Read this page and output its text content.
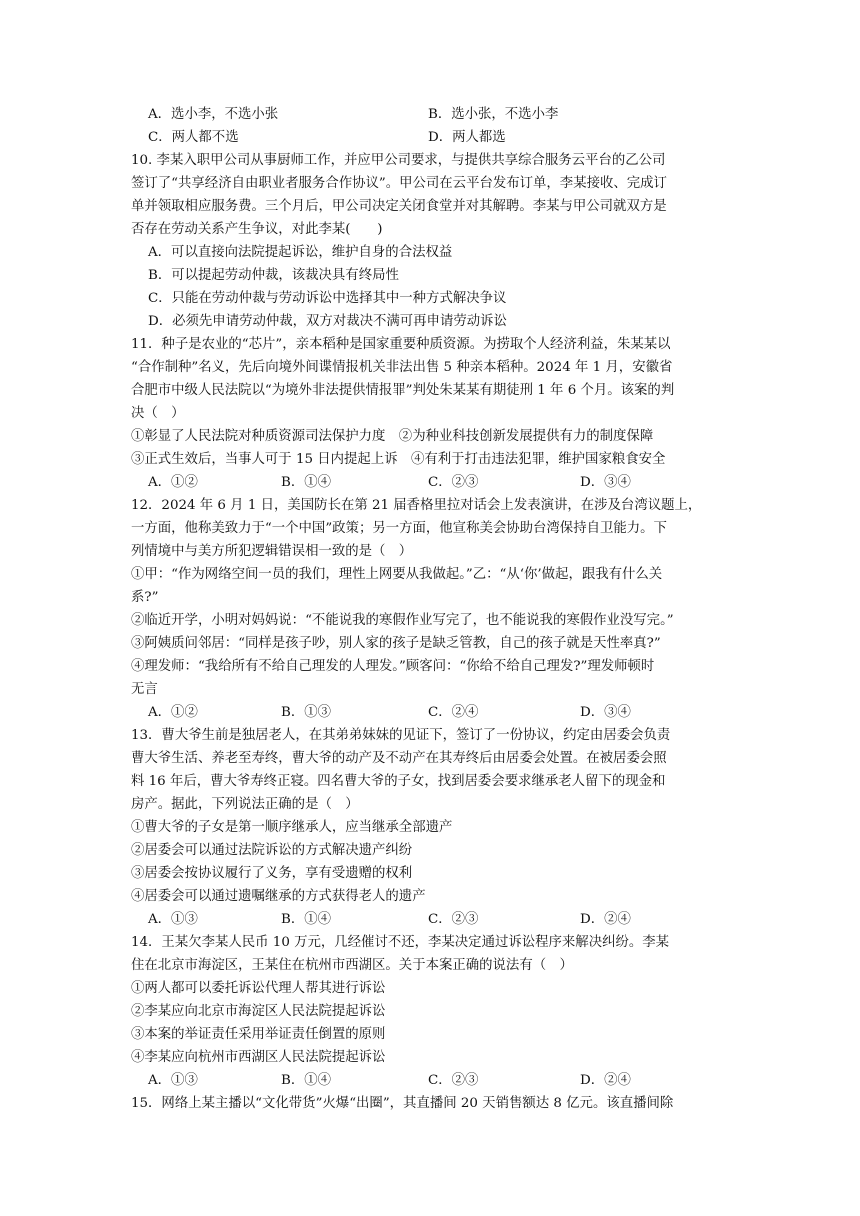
A．选小李，不选小张	B．选小张，不选小李
C．两人都不选	D．两人都选
10. 李某入职甲公司从事厨师工作，并应甲公司要求，与提供共享综合服务云平台的乙公司
签订了“共享经济自由职业者服务合作协议”。甲公司在云平台发布订单，李某接收、完成订
单并领取相应服务费。三个月后，甲公司决定关闭食堂并对其解聘。李某与甲公司就双方是
否存在劳动关系产生争议，对此李某(　　)
A．可以直接向法院提起诉讼，维护自身的合法权益
B．可以提起劳动仲裁，该裁决具有终局性
C．只能在劳动仲裁与劳动诉讼中选择其中一种方式解决争议
D．必须先申请劳动仲裁，双方对裁决不满可再申请劳动诉讼
11．种子是农业的“芯片”，亲本稻种是国家重要种质资源。为捞取个人经济利益，朱某某以
“合作制种”名义，先后向境外间谍情报机关非法出售 5 种亲本稻种。2024 年 1 月，安徽省
合肥市中级人民法院以“为境外非法提供情报罪”判处朱某某有期徒刑 1 年 6 个月。该案的判
决（　）
①彰显了人民法院对种质资源司法保护力度　②为种业科技创新发展提供有力的制度保障
③正式生效后，当事人可于 15 日内提起上诉　④有利于打击违法犯罪，维护国家粮食安全
A．①②	B．①④	C．②③	D．③④
12．2024 年 6 月 1 日，美国防长在第 21 届香格里拉对话会上发表演讲，在涉及台湾议题上，
一方面，他称美致力于“一个中国”政策；另一方面，他宣称美会协助台湾保持自卫能力。下
列情境中与美方所犯逻辑错误相一致的是（　）
①甲：“作为网络空间一员的我们，理性上网要从我做起。”乙：“从‘你’做起，跟我有什么关
系?”
②临近开学，小明对妈妈说：“不能说我的寒假作业写完了，也不能说我的寒假作业没写完。”
③阿姨质问邻居：“同样是孩子吵，别人家的孩子是缺乏管教，自己的孩子就是天性率真?”
④理发师：“我给所有不给自己理发的人理发。”顾客问：“你给不给自己理发?”理发师顿时
无言
A．①②	B．①③	C．②④	D．③④
13．曹大爷生前是独居老人，在其弟弟妹妹的见证下，签订了一份协议，约定由居委会负责
曹大爷生活、养老至寿终，曹大爷的动产及不动产在其寿终后由居委会处置。在被居委会照
料 16 年后，曹大爷寿终正寝。四名曹大爷的子女，找到居委会要求继承老人留下的现金和
房产。据此，下列说法正确的是（　）
①曹大爷的子女是第一顺序继承人，应当继承全部遗产
②居委会可以通过法院诉讼的方式解决遗产纠纷
③居委会按协议履行了义务，享有受遗赠的权利
④居委会可以通过遗嘱继承的方式获得老人的遗产
A．①③	B．①④	C．②③	D．②④
14．王某欠李某人民币 10 万元，几经催讨不还，李某决定通过诉讼程序来解决纠纷。李某
住在北京市海淀区，王某住在杭州市西湖区。关于本案正确的说法有（　）
①两人都可以委托诉讼代理人帮其进行诉讼
②李某应向北京市海淀区人民法院提起诉讼
③本案的举证责任采用举证责任倒置的原则
④李某应向杭州市西湖区人民法院提起诉讼
A．①③	B．①④	C．②③	D．②④
15．网络上某主播以“文化带货”火爆“出圈”，其直播间 20 天销售额达 8 亿元。该直播间除
